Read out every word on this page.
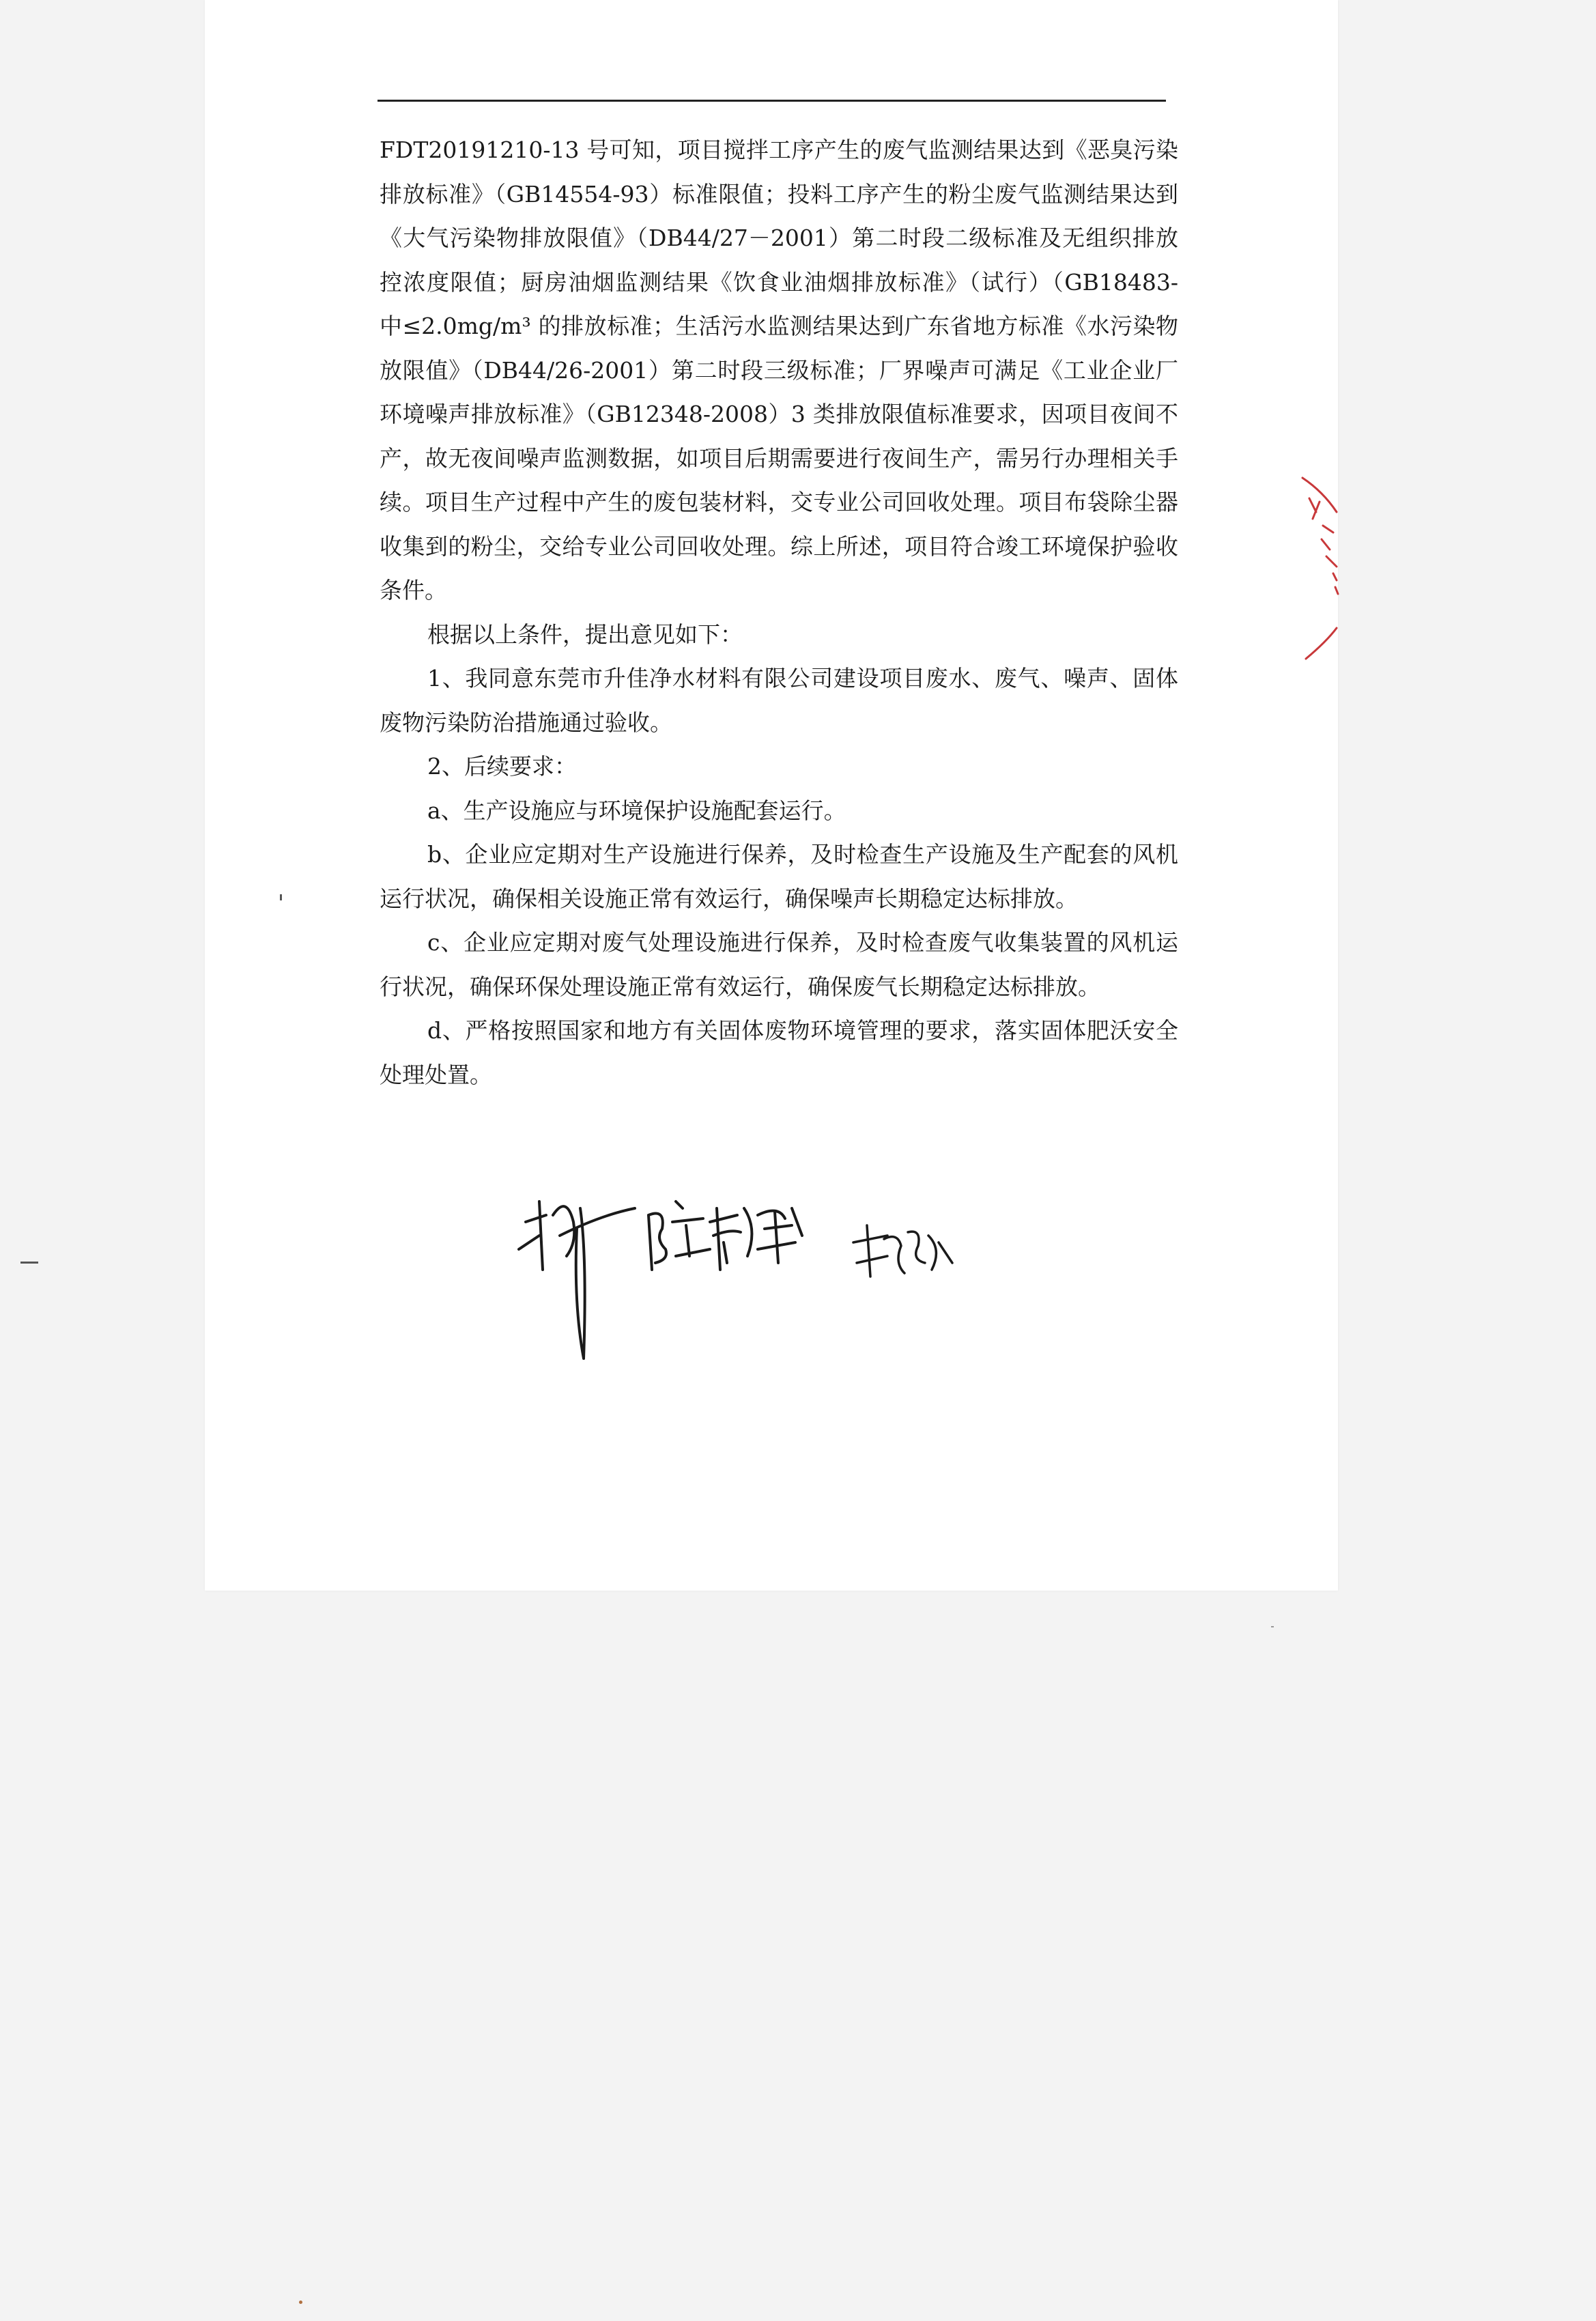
FDT20191210-13 号可知，项目搅拌工序产生的废气监测结果达到《恶臭污染
排放标准》（GB14554-93）标准限值；投料工序产生的粉尘废气监测结果达到
《大气污染物排放限值》（DB44/27－2001）第二时段二级标准及无组织排放
控浓度限值；厨房油烟监测结果《饮食业油烟排放标准》（试行）（GB18483-
中≤2.0mg/m³ 的排放标准；生活污水监测结果达到广东省地方标准《水污染物
放限值》（DB44/26-2001）第二时段三级标准；厂界噪声可满足《工业企业厂
环境噪声排放标准》（GB12348-2008）3 类排放限值标准要求，因项目夜间不
产，故无夜间噪声监测数据，如项目后期需要进行夜间生产，需另行办理相关手
续。项目生产过程中产生的废包装材料，交专业公司回收处理。项目布袋除尘器
收集到的粉尘，交给专业公司回收处理。综上所述，项目符合竣工环境保护验收
条件。
根据以上条件，提出意见如下：
1、我同意东莞市升佳净水材料有限公司建设项目废水、废气、噪声、固体
废物污染防治措施通过验收。
2、后续要求：
a、生产设施应与环境保护设施配套运行。
b、企业应定期对生产设施进行保养，及时检查生产设施及生产配套的风机
运行状况，确保相关设施正常有效运行，确保噪声长期稳定达标排放。
c、企业应定期对废气处理设施进行保养，及时检查废气收集装置的风机运
行状况，确保环保处理设施正常有效运行，确保废气长期稳定达标排放。
d、严格按照国家和地方有关固体废物环境管理的要求，落实固体肥沃安全
处理处置。
